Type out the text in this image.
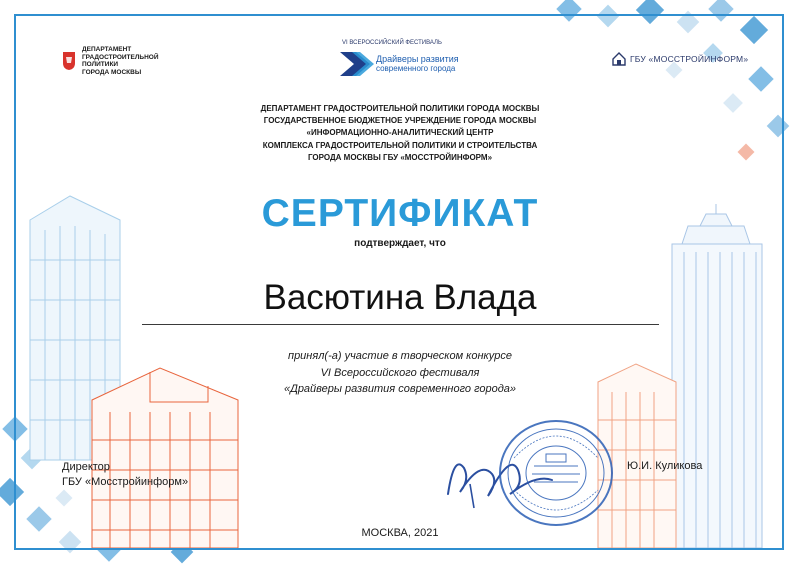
ДЕПАРТАМЕНТ
ГРАДОСТРОИТЕЛЬНОЙ ПОЛИТИКИ
ГОРОДА МОСКВЫ
VI ВСЕРОССИЙСКИЙ ФЕСТИВАЛЬ
Драйверы развития
современного города
ГБУ «МОССТРОЙИНФОРМ»
ДЕПАРТАМЕНТ ГРАДОСТРОИТЕЛЬНОЙ ПОЛИТИКИ ГОРОДА МОСКВЫ
ГОСУДАРСТВЕННОЕ БЮДЖЕТНОЕ УЧРЕЖДЕНИЕ ГОРОДА МОСКВЫ
«ИНФОРМАЦИОННО-АНАЛИТИЧЕСКИЙ ЦЕНТР
КОМПЛЕКСА ГРАДОСТРОИТЕЛЬНОЙ ПОЛИТИКИ И СТРОИТЕЛЬСТВА
ГОРОДА МОСКВЫ ГБУ «МОССТРОЙИНФОРМ»
СЕРТИФИКАТ
подтверждает, что
Васютина Влада
принял(-а) участие в творческом конкурсе
VI Всероссийского фестиваля
«Драйверы развития современного города»
Директор
ГБУ «Мосстройинформ»
Ю.И. Куликова
МОСКВА, 2021
